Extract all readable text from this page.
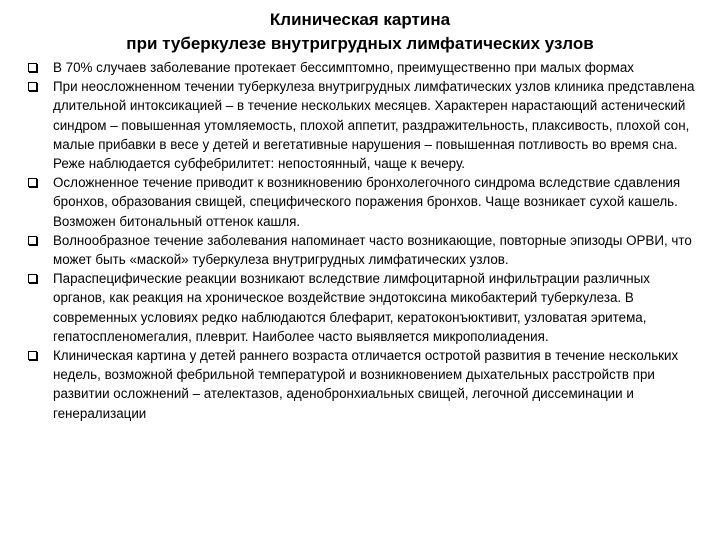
Клиническая картина
при туберкулезе внутригрудных лимфатических узлов
В 70% случаев заболевание протекает бессимптомно, преимущественно при малых формах
При неосложненном течении туберкулеза внутригрудных лимфатических узлов клиника представлена длительной интоксикацией – в течение нескольких месяцев. Характерен нарастающий астенический синдром – повышенная утомляемость, плохой аппетит, раздражительность, плаксивость, плохой сон, малые прибавки в весе у детей и вегетативные нарушения – повышенная потливость во время сна. Реже наблюдается субфебрилитет: непостоянный, чаще к вечеру.
Осложненное течение приводит к возникновению бронхолегочного синдрома вследствие сдавления бронхов, образования свищей, специфического поражения бронхов. Чаще возникает сухой кашель. Возможен битональный оттенок кашля.
Волнообразное течение заболевания напоминает часто возникающие, повторные эпизоды ОРВИ, что может быть «маской» туберкулеза внутригрудных лимфатических узлов.
Параспецифические реакции возникают вследствие лимфоцитарной инфильтрации различных органов, как реакция на хроническое воздействие эндотоксина микобактерий туберкулеза. В современных условиях редко наблюдаются блефарит, кератоконъюктивит, узловатая эритема, гепатоспленомегалия, плеврит. Наиболее часто выявляется микрополиадения.
Клиническая картина у детей раннего возраста отличается остротой развития в течение нескольких недель, возможной фебрильной температурой и возникновением дыхательных расстройств при развитии осложнений – ателектазов, аденобронхиальных свищей, легочной диссеминации и генерализации
